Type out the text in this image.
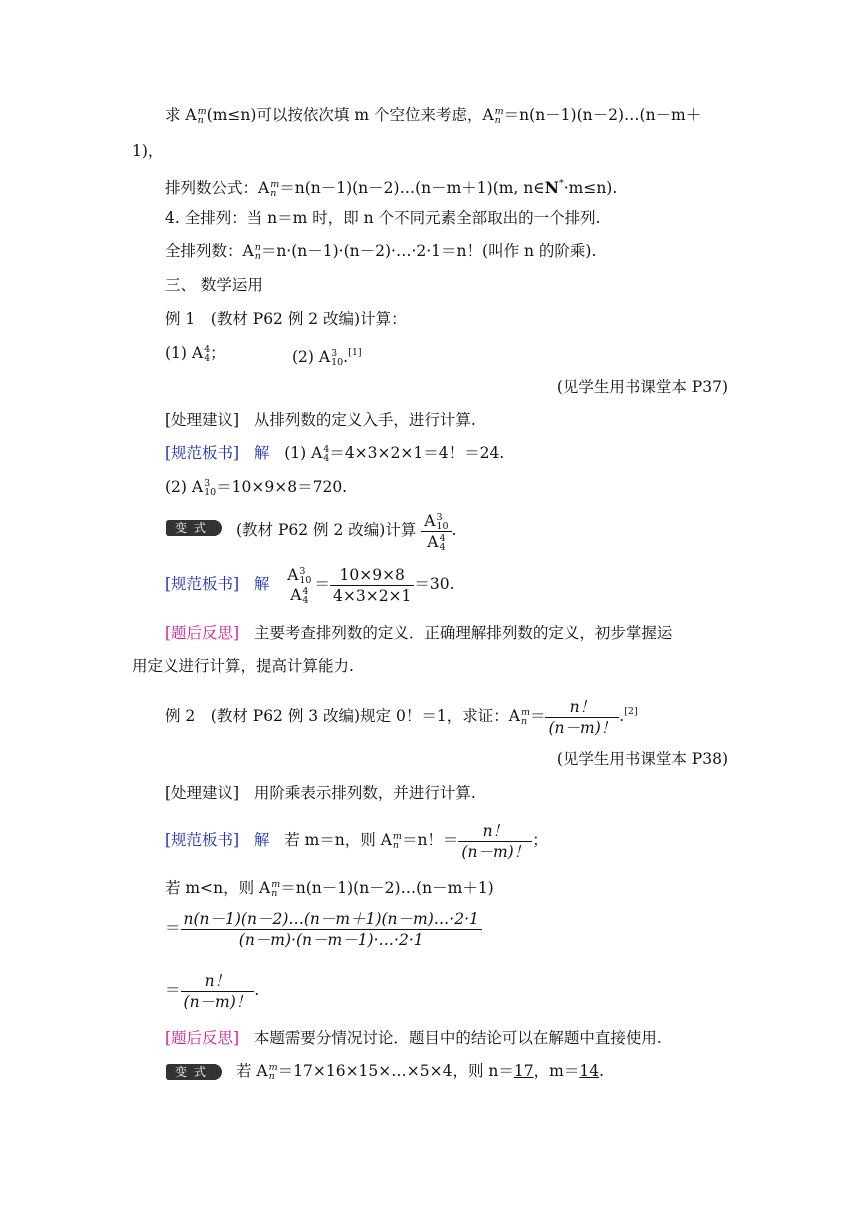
求 Am
n (m≤n)可以按依次填 m 个空位来考虑，Am
n ＝n(n－1)(n－2)…(n－m＋
1)，
排列数公式：Am
n ＝n(n－1)(n－2)…(n－m＋1)(m, n∈N*·m≤n).
4. 全排列：当 n＝m 时，即 n 个不同元素全部取出的一个排列.
全排列数：An
n＝n·(n－1)·(n－2)·…·2·1＝n！(叫作 n 的阶乘).
三、 数学运用
例 1　(教材 P62 例 2 改编)计算：
(1) A4
4；	(2) A3
10.[1]
(见学生用书课堂本 P37)
[处理建议] 从排列数的定义入手，进行计算.
[规范板书] 解 (1) A4
4＝4×3×2×1＝4！＝24.
(2) A3
10＝10×9×8＝720.
变式 (教材 P62 例 2 改编)计算
A3
10
A4
4
.
[规范板书] 解 A3
10
A4
4
＝ $\frac{10\times 9\times 8}{4\times 3\times 2\times 1} =30$.
[题后反思] 主要考查排列数的定义．正确理解排列数的定义，初步掌握运
用定义进行计算，提高计算能力.
例 2　(教材 P62 例 3 改编)规定 0！＝1，求证：Am
$n = \frac{n!}{(n-m)!} .[2]$
(见学生用书课堂本 P38)
[处理建议] 用阶乘表示排列数，并进行计算.
[规范板书] 解 若 m＝n，则 Am
n ＝n！＝ $\frac{n!}{(n-m)!}$ ；
若 m<n，则 Am
n ＝n(n－1)(n－2)…(n－m＋1)
＝ $\frac{n(n-1)(n-2)\dots(n-m+1)(n-m)\dots\cdot 2\cdot 1}{(n-m)\cdot(n-m-1)\cdot\dots\cdot 2\cdot 1}$
＝ $\frac{n!}{(n-m)!}$ .
[题后反思] 本题需要分情况讨论．题目中的结论可以在解题中直接使用.
变式 若 Am
n ＝17×16×15×…×5×4，则 n＝17，m＝14.
